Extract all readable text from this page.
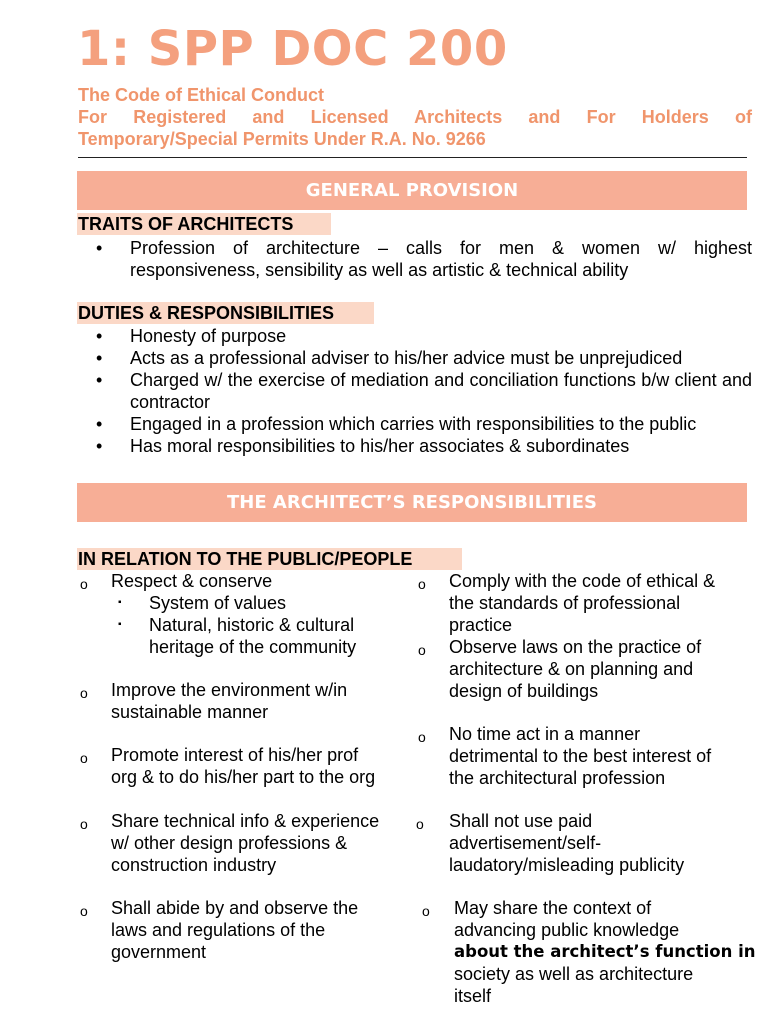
1: SPP DOC 200
The Code of Ethical Conduct
For Registered and Licensed Architects and For Holders of
Temporary/Special Permits Under R.A. No. 9266
GENERAL PROVISION
TRAITS OF ARCHITECTS
• Profession of architecture – calls for men & women w/ highest responsiveness, sensibility as well as artistic & technical ability
DUTIES & RESPONSIBILITIES
• Honesty of purpose
• Acts as a professional adviser to his/her advice must be unprejudiced
• Charged w/ the exercise of mediation and conciliation functions b/w client and contractor
• Engaged in a profession which carries with responsibilities to the public
• Has moral responsibilities to his/her associates & subordinates
THE ARCHITECT’S RESPONSIBILITIES
IN RELATION TO THE PUBLIC/PEOPLE
o Respect & conserve
▪ System of values
▪ Natural, historic & cultural
heritage of the community
o Improve the environment w/in
sustainable manner
o Promote interest of his/her prof
org & to do his/her part to the org
o Share technical info & experience
w/ other design professions &
construction industry
o Shall abide by and observe the
laws and regulations of the
government
o Comply with the code of ethical &
the standards of professional
practice
o Observe laws on the practice of
architecture & on planning and
design of buildings
o No time act in a manner
detrimental to the best interest of
the architectural profession
o Shall not use paid
advertisement/self-
laudatory/misleading publicity
o May share the context of
advancing public knowledge
about the architect’s function in
society as well as architecture
itself
